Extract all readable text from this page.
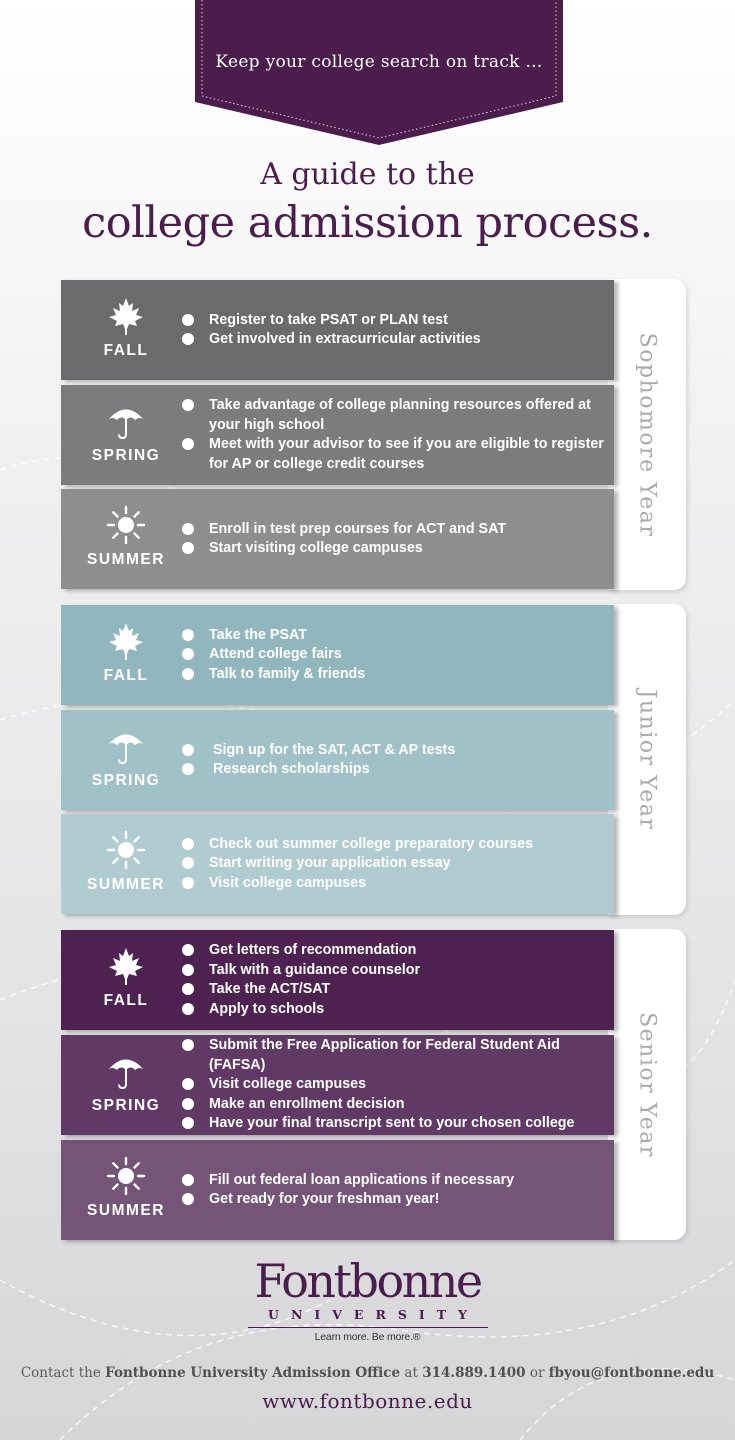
Keep your college search on track ...
A guide to the
college admission process.
Sophomore Year
FALL
Register to take PSAT or PLAN test
Get involved in extracurricular activities
SPRING
Take advantage of college planning resources offered at your high school
Meet with your advisor to see if you are eligible to register for AP or college credit courses
SUMMER
Enroll in test prep courses for ACT and SAT
Start visiting college campuses
Junior Year
FALL
Take the PSAT
Attend college fairs
Talk to family & friends
SPRING
Sign up for the SAT, ACT & AP tests
Research scholarships
SUMMER
Check out summer college preparatory courses
Start writing your application essay
Visit college campuses
Senior Year
FALL
Get letters of recommendation
Talk with a guidance counselor
Take the ACT/SAT
Apply to schools
SPRING
Submit the Free Application for Federal Student Aid (FAFSA)
Visit college campuses
Make an enrollment decision
Have your final transcript sent to your chosen college
SUMMER
Fill out federal loan applications if necessary
Get ready for your freshman year!
Fontbonne
UNIVERSITY
Learn more. Be more.®
Contact the Fontbonne University Admission Office at 314.889.1400 or fbyou@fontbonne.edu
www.fontbonne.edu
